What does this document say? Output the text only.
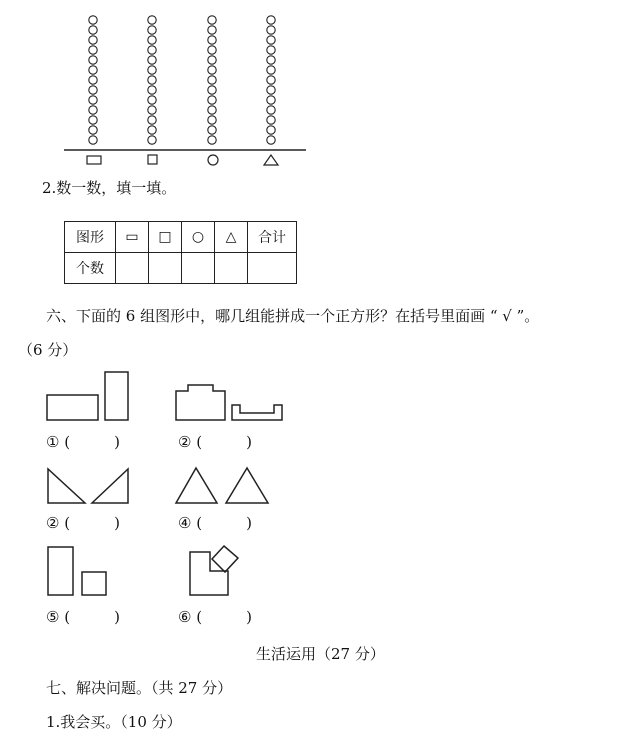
2.数一数，填一填。
图形	▭	□	○	△	合计
个数					
六、下面的 6 组图形中，哪几组能拼成一个正方形？在括号里面画 “ √ ”。
（6 分）
① (	)	② (	)
② (	)	④ (	)
⑤ (	)	⑥ (	)
生活运用（27 分）
七、解决问题。（共 27 分）
1.我会买。（10 分）
